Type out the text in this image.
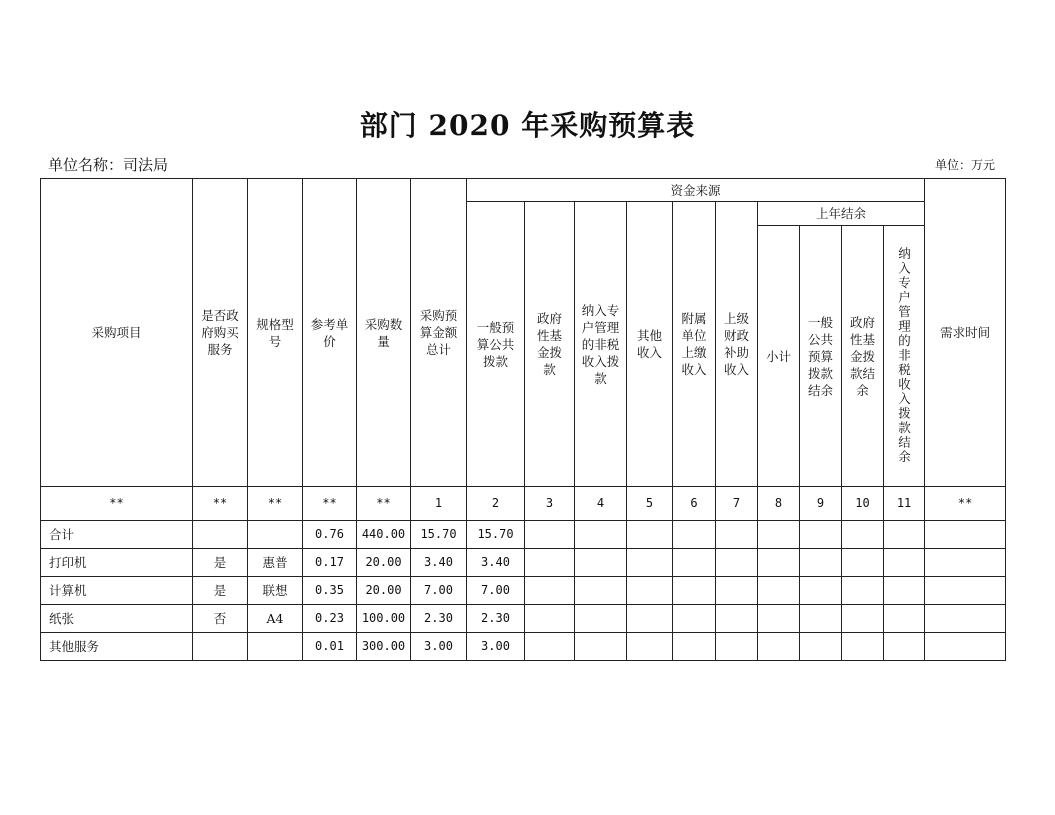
部门 2020 年采购预算表
单位名称：司法局	单位：万元
采购项目	是否政府购买服务	规格型号	参考单价	采购数量	采购预算金额总计	资金来源										需求时间
						一般预算公共拨款	政府性基金拨款	纳入专户管理的非税收入拨款	其他收入	附属单位上缴收入	上级财政补助收入	上年结余				
												小计	一般公共预算拨款结余	政府性基金拨款结余	纳入专户管理的非税收入拨款结余	
**	**	**	**	**	1	2	3	4	5	6	7	8	9	10	11	**
合计			0.76	440.00	15.70	15.70										
打印机	是	惠普	0.17	20.00	3.40	3.40										
计算机	是	联想	0.35	20.00	7.00	7.00										
纸张	否	A4	0.23	100.00	2.30	2.30										
其他服务			0.01	300.00	3.00	3.00										
